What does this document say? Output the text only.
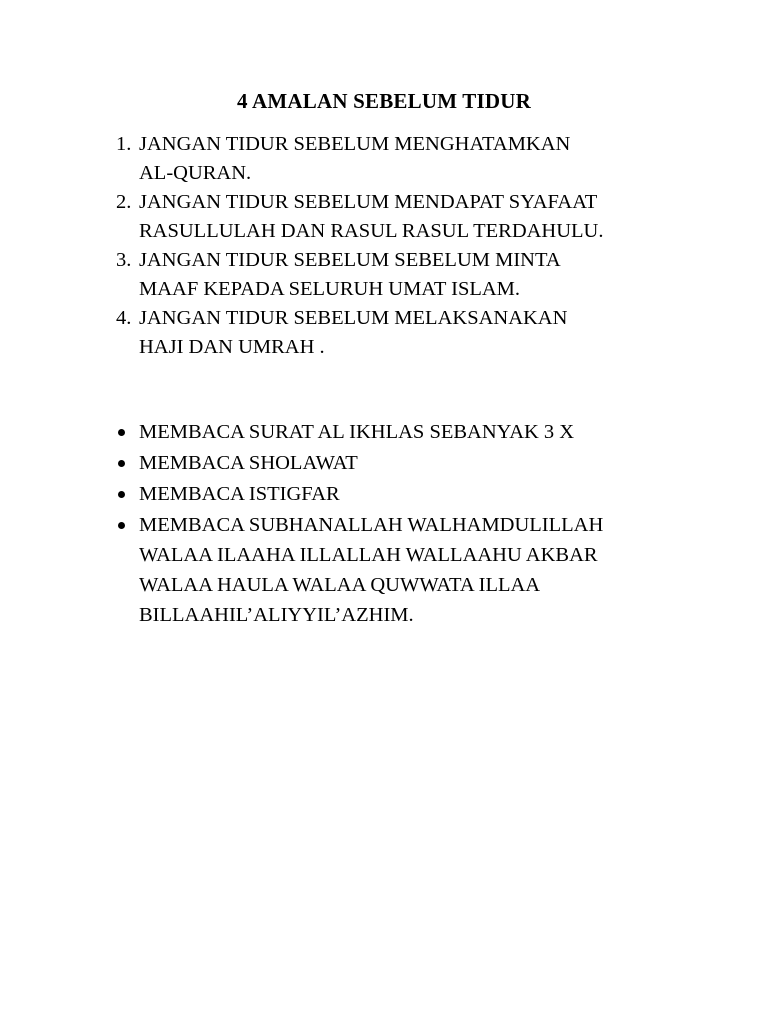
4 AMALAN SEBELUM TIDUR
1. JANGAN TIDUR SEBELUM MENGHATAMKAN
AL-QURAN.
2. JANGAN TIDUR SEBELUM MENDAPAT SYAFAAT
RASULLULAH DAN RASUL RASUL TERDAHULU.
3. JANGAN TIDUR SEBELUM SEBELUM MINTA
MAAF KEPADA SELURUH UMAT ISLAM.
4. JANGAN TIDUR SEBELUM MELAKSANAKAN
HAJI DAN UMRAH .
MEMBACA SURAT AL IKHLAS SEBANYAK 3 X
MEMBACA SHOLAWAT
MEMBACA ISTIGFAR
MEMBACA SUBHANALLAH WALHAMDULILLAH
WALAA ILAAHA ILLALLAH WALLAAHU AKBAR
WALAA HAULA WALAA QUWWATA ILLAA
BILLAAHIL’ALIYYIL’AZHIM.
